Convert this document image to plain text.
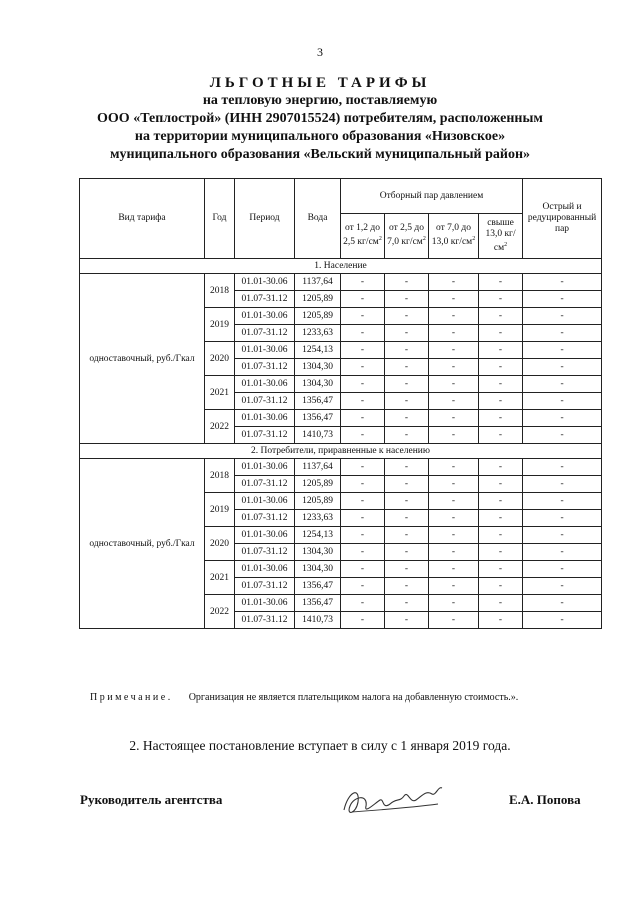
3
ЛЬГОТНЫЕ ТАРИФЫ
на тепловую энергию, поставляемую
ООО «Теплострой» (ИНН 2907015524) потребителям, расположенным
на территории муниципального образования «Низовское»
муниципального образования «Вельский муниципальный район»
Вид тарифа	Год	Период	Вода	Отборный пар давлением				Острый и редуцированный пар
				от 1,2 до 2,5 $кг/см^2$	от 2,5 до 7,0 $кг/см^2$	от 7,0 до 13,0 $кг/см^2$	свыше 13,0 $кг/см^2$
1. Население								
одноставочный, руб./Гкал	2018	01.01-30.06	1137,64	-	-	-	-	-
		01.07-31.12	1205,89	-	-	-	-	-
	2019	01.01-30.06	1205,89	-	-	-	-	-
		01.07-31.12	1233,63	-	-	-	-	-
	2020	01.01-30.06	1254,13	-	-	-	-	-
		01.07-31.12	1304,30	-	-	-	-	-
	2021	01.01-30.06	1304,30	-	-	-	-	-
		01.07-31.12	1356,47	-	-	-	-	-
	2022	01.01-30.06	1356,47	-	-	-	-	-
		01.07-31.12	1410,73	-	-	-	-	-
2. Потребители, приравненные к населению								
одноставочный, руб./Гкал	2018	01.01-30.06	1137,64	-	-	-	-	-
		01.07-31.12	1205,89	-	-	-	-	-
	2019	01.01-30.06	1205,89	-	-	-	-	-
		01.07-31.12	1233,63	-	-	-	-	-
	2020	01.01-30.06	1254,13	-	-	-	-	-
		01.07-31.12	1304,30	-	-	-	-	-
	2021	01.01-30.06	1304,30	-	-	-	-	-
		01.07-31.12	1356,47	-	-	-	-	-
	2022	01.01-30.06	1356,47	-	-	-	-	-
		01.07-31.12	1410,73	-	-	-	-	-
Примечание. Организация не является плательщиком налога на добавленную стоимость.».
2. Настоящее постановление вступает в силу с 1 января 2019 года.
Руководитель агентства	Е.А. Попова
